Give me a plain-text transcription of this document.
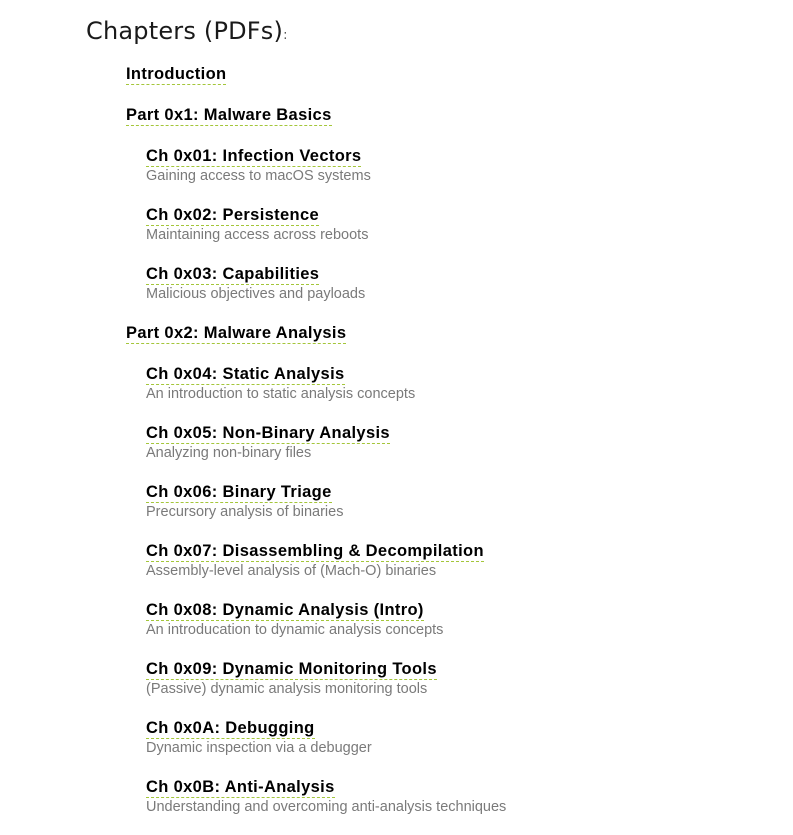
Chapters (PDFs):
Introduction
Part 0x1: Malware Basics
Ch 0x01: Infection Vectors
Gaining access to macOS systems
Ch 0x02: Persistence
Maintaining access across reboots
Ch 0x03: Capabilities
Malicious objectives and payloads
Part 0x2: Malware Analysis
Ch 0x04: Static Analysis
An introduction to static analysis concepts
Ch 0x05: Non-Binary Analysis
Analyzing non-binary files
Ch 0x06: Binary Triage
Precursory analysis of binaries
Ch 0x07: Disassembling & Decompilation
Assembly-level analysis of (Mach-O) binaries
Ch 0x08: Dynamic Analysis (Intro)
An introducation to dynamic analysis concepts
Ch 0x09: Dynamic Monitoring Tools
(Passive) dynamic analysis monitoring tools
Ch 0x0A: Debugging
Dynamic inspection via a debugger
Ch 0x0B: Anti-Analysis
Understanding and overcoming anti-analysis techniques
